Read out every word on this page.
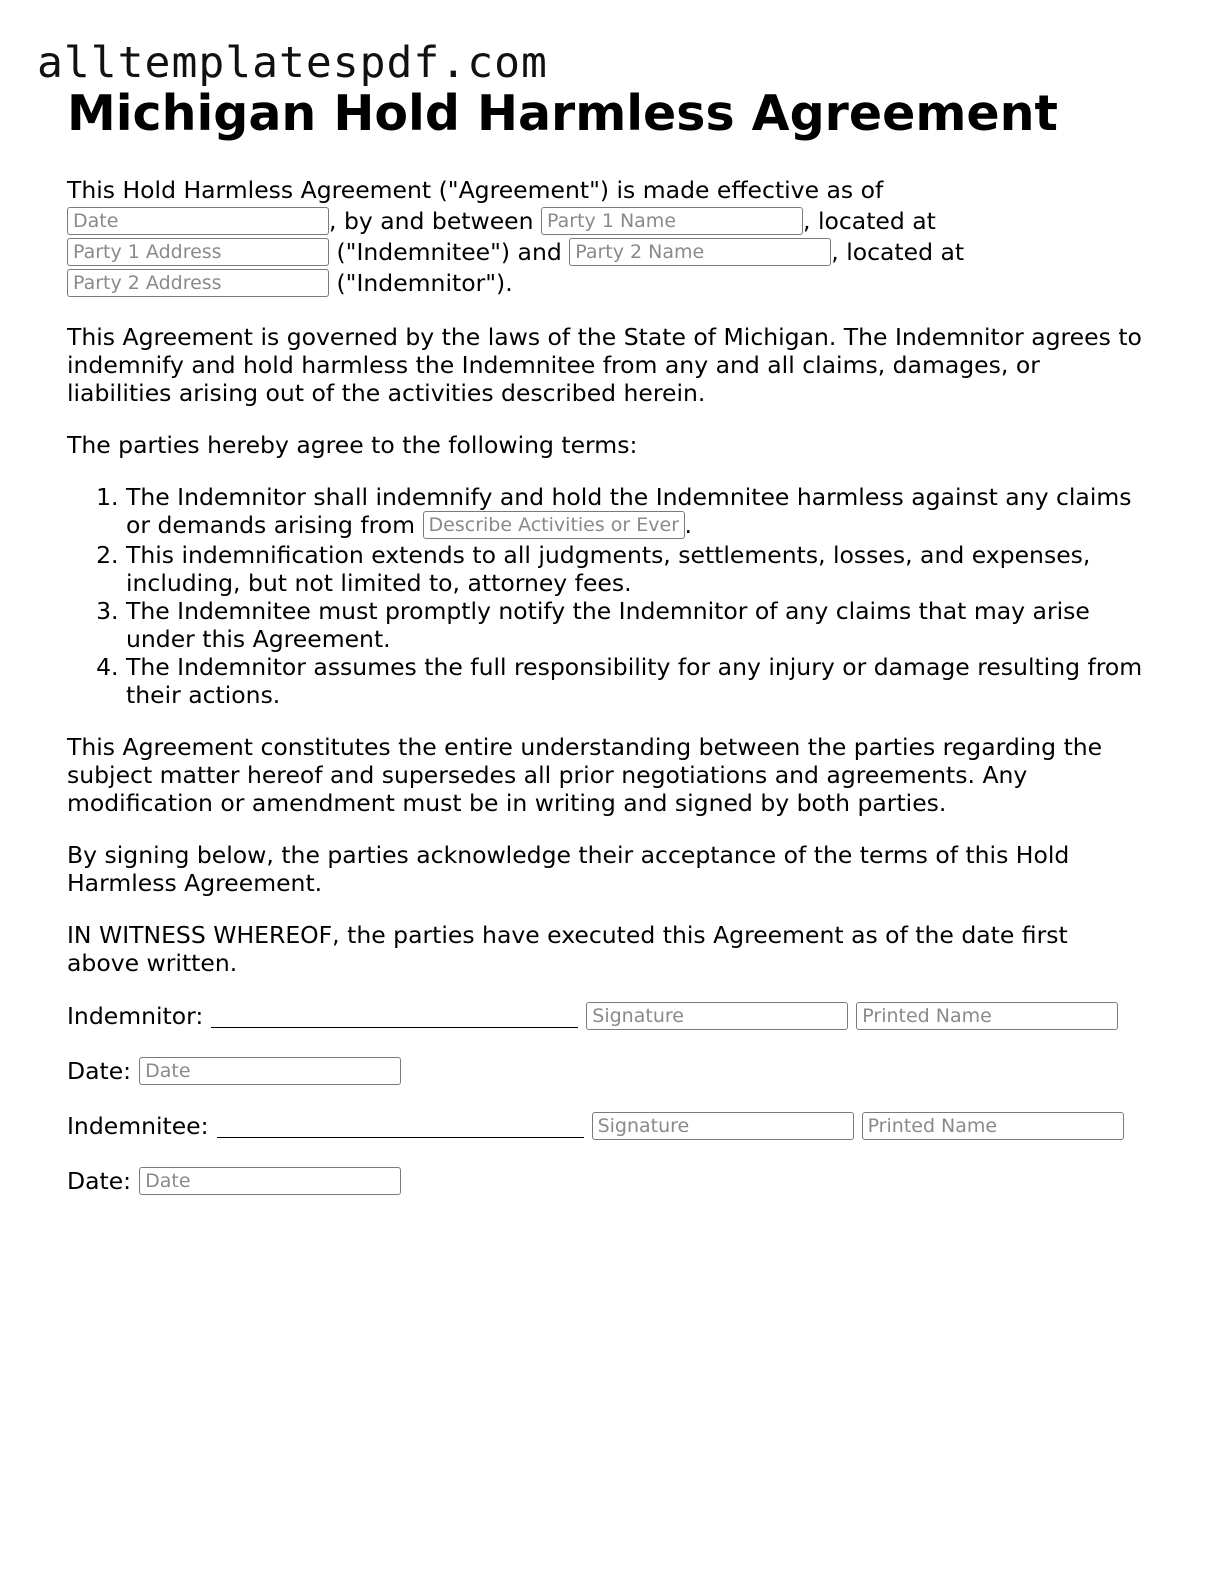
alltemplatespdf.com
Michigan Hold Harmless Agreement

This Hold Harmless Agreement ("Agreement") is made effective as of
Date, by and between Party 1 Name	, located at
Party 1 Address ("Indemnitee") and Party 2 Name	, located at
Party 2 Address ("Indemnitor").

This Agreement is governed by the laws of the State of Michigan. The Indemnitor agrees to indemnify and hold harmless the Indemnitee from any and all claims, damages, or liabilities arising out of the activities described herein.

The parties hereby agree to the following terms:

1. The Indemnitor shall indemnify and hold the Indemnitee harmless against any claims or demands arising from Describe Activities or Events	.
2. This indemnification extends to all judgments, settlements, losses, and expenses, including, but not limited to, attorney fees.
3. The Indemnitee must promptly notify the Indemnitor of any claims that may arise under this Agreement.
4. The Indemnitor assumes the full responsibility for any injury or damage resulting from their actions.

This Agreement constitutes the entire understanding between the parties regarding the subject matter hereof and supersedes all prior negotiations and agreements. Any modification or amendment must be in writing and signed by both parties.

By signing below, the parties acknowledge their acceptance of the terms of this Hold Harmless Agreement.

IN WITNESS WHEREOF, the parties have executed this Agreement as of the date first above written.

Indemnitor:
Signature
Printed Name
Date:
Date
Indemnitee:
Signature
Printed Name
Date:
Date
